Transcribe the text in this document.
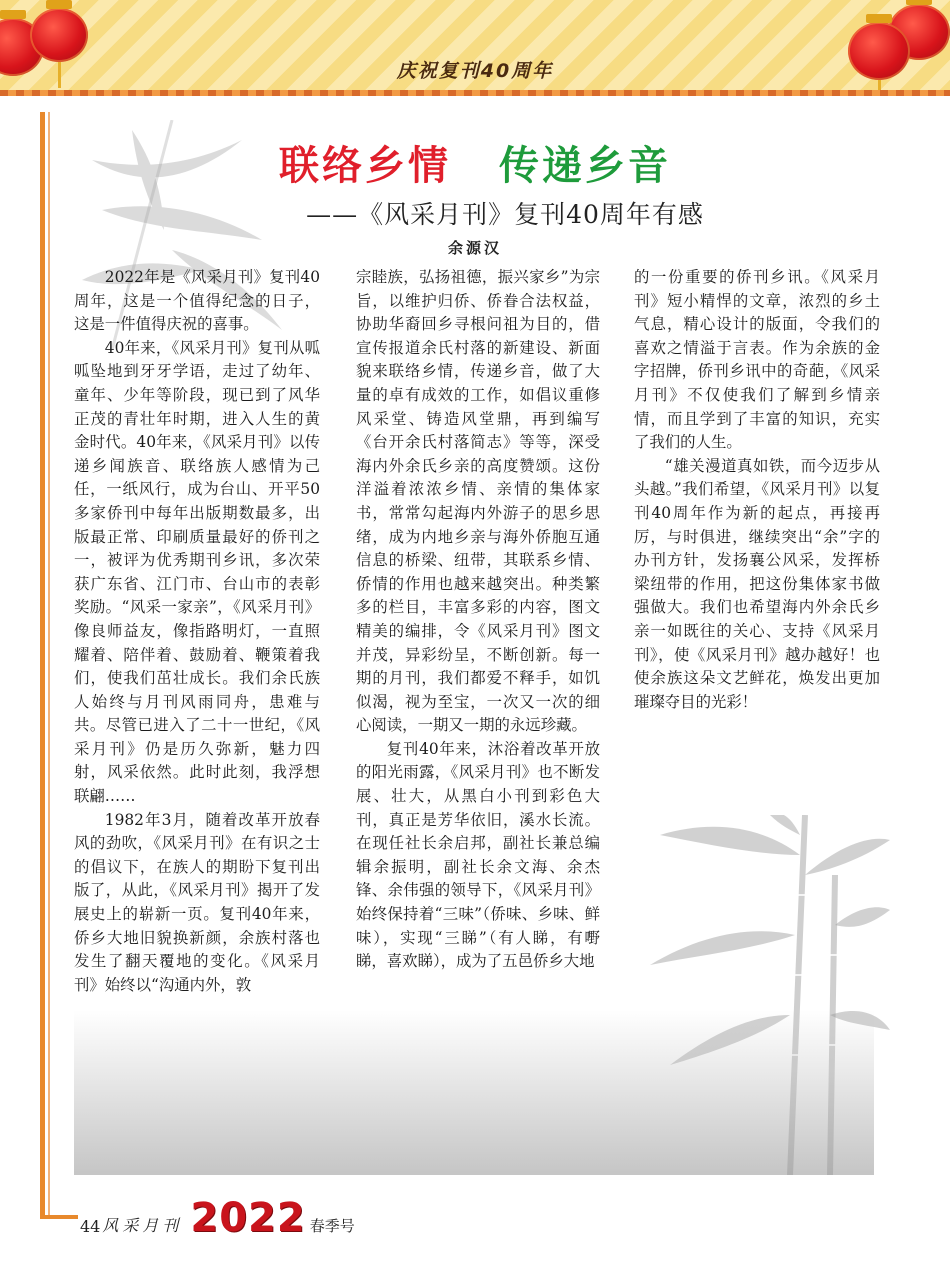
庆祝复刊40周年
联络乡情 传递乡音
——《风采月刊》复刊40周年有感
余源汉

2022年是《风采月刊》复刊40周年，这是一个值得纪念的日子，这是一件值得庆祝的喜事。

40年来，《风采月刊》复刊从呱呱坠地到牙牙学语，走过了幼年、童年、少年等阶段，现已到了风华正茂的青壮年时期，进入人生的黄金时代。40年来，《风采月刊》以传递乡闻族音、联络族人感情为己任，一纸风行，成为台山、开平50多家侨刊中每年出版期数最多，出版最正常、印刷质量最好的侨刊之一，被评为优秀期刊乡讯，多次荣获广东省、江门市、台山市的表彰奖励。“风采一家亲”，《风采月刊》像良师益友，像指路明灯，一直照耀着、陪伴着、鼓励着、鞭策着我们，使我们茁壮成长。我们余氏族人始终与月刊风雨同舟，患难与共。尽管已进入了二十一世纪，《风采月刊》仍是历久弥新，魅力四射，风采依然。此时此刻，我浮想联翩……

1982年3月，随着改革开放春风的劲吹，《风采月刊》在有识之士的倡议下，在族人的期盼下复刊出版了，从此，《风采月刊》揭开了发展史上的崭新一页。复刊40年来，侨乡大地旧貌换新颜，余族村落也发生了翻天覆地的变化。《风采月刊》始终以“沟通内外，敦

宗睦族，弘扬祖德，振兴家乡”为宗旨，以维护归侨、侨眷合法权益，协助华裔回乡寻根问祖为目的，借宣传报道余氏村落的新建设、新面貌来联络乡情，传递乡音，做了大量的卓有成效的工作，如倡议重修风采堂、铸造风堂鼎，再到编写《台开余氏村落简志》等等，深受海内外余氏乡亲的高度赞颂。这份洋溢着浓浓乡情、亲情的集体家书，常常勾起海内外游子的思乡思绪，成为内地乡亲与海外侨胞互通信息的桥梁、纽带，其联系乡情、侨情的作用也越来越突出。种类繁多的栏目，丰富多彩的内容，图文精美的编排，令《风采月刊》图文并茂，异彩纷呈，不断创新。每一期的月刊，我们都爱不释手，如饥似渴，视为至宝，一次又一次的细心阅读，一期又一期的永远珍藏。

复刊40年来，沐浴着改革开放的阳光雨露，《风采月刊》也不断发展、壮大，从黑白小刊到彩色大刊，真正是芳华依旧，溪水长流。在现任社长余启邦，副社长兼总编辑余振明，副社长余文海、余杰锋、余伟强的领导下，《风采月刊》始终保持着“三味”（侨味、乡味、鲜味），实现“三睇”（有人睇，有嘢睇，喜欢睇），成为了五邑侨乡大地

的一份重要的侨刊乡讯。《风采月刊》短小精悍的文章，浓烈的乡土气息，精心设计的版面，令我们的喜欢之情溢于言表。作为余族的金字招牌，侨刊乡讯中的奇葩，《风采月刊》不仅使我们了解到乡情亲情，而且学到了丰富的知识，充实了我们的人生。

“雄关漫道真如铁，而今迈步从头越。”我们希望，《风采月刊》以复刊40周年作为新的起点，再接再厉，与时俱进，继续突出“余”字的办刊方针，发扬襄公风采，发挥桥梁纽带的作用，把这份集体家书做强做大。我们也希望海内外余氏乡亲一如既往的关心、支持《风采月刊》，使《风采月刊》越办越好！也使余族这朵文艺鲜花，焕发出更加璀璨夺目的光彩！

44 风采月刊 2022 春季号
